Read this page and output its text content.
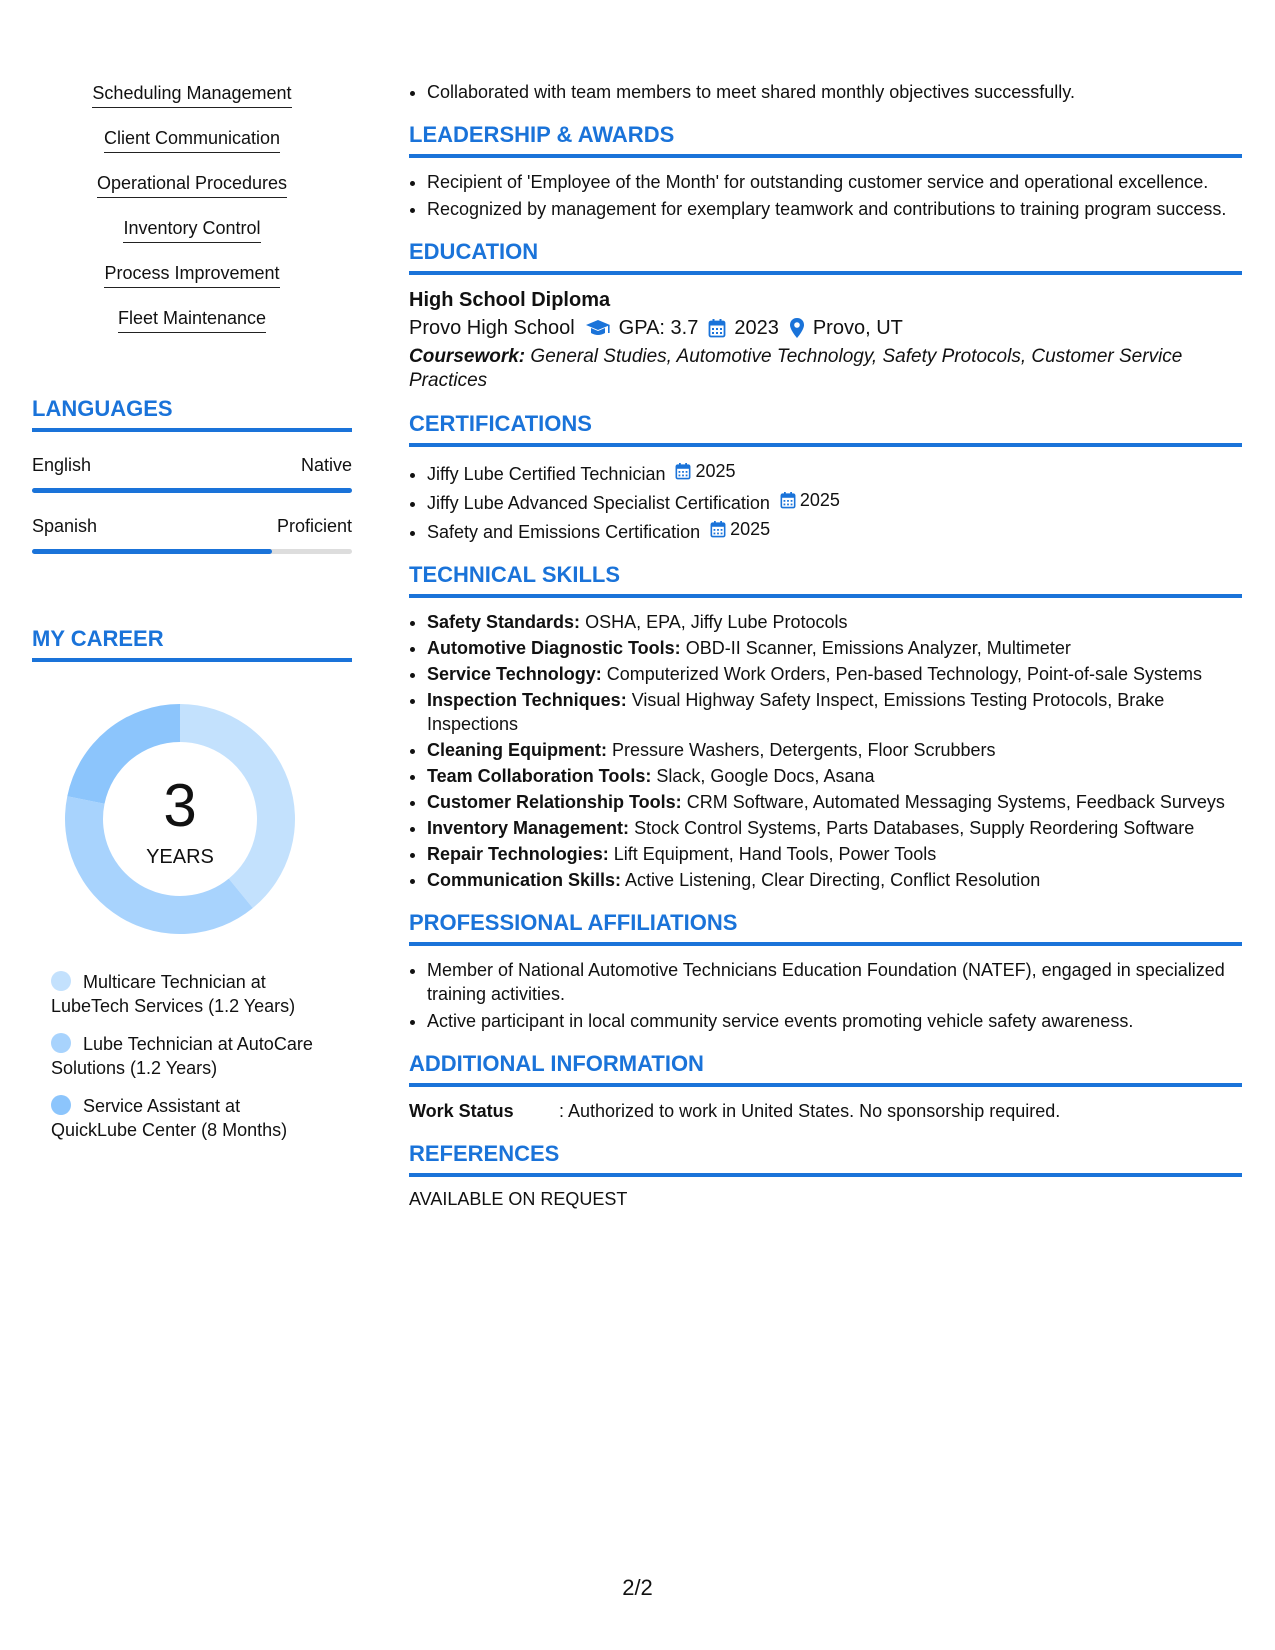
Scheduling Management
Client Communication
Operational Procedures
Inventory Control
Process Improvement
Fleet Maintenance
LANGUAGES
English	Native
Spanish	Proficient
MY CAREER
3
YEARS
Multicare Technician at LubeTech Services (1.2 Years)
Lube Technician at AutoCare Solutions (1.2 Years)
Service Assistant at QuickLube Center (8 Months)
• Collaborated with team members to meet shared monthly objectives successfully.
LEADERSHIP & AWARDS
• Recipient of 'Employee of the Month' for outstanding customer service and operational excellence.
• Recognized by management for exemplary teamwork and contributions to training program success.
EDUCATION
High School Diploma
Provo High School GPA: 3.7 2023 Provo, UT
Coursework: General Studies, Automotive Technology, Safety Protocols, Customer Service Practices
CERTIFICATIONS
• Jiffy Lube Certified Technician 2025
• Jiffy Lube Advanced Specialist Certification 2025
• Safety and Emissions Certification 2025
TECHNICAL SKILLS
• Safety Standards: OSHA, EPA, Jiffy Lube Protocols
• Automotive Diagnostic Tools: OBD-II Scanner, Emissions Analyzer, Multimeter
• Service Technology: Computerized Work Orders, Pen-based Technology, Point-of-sale Systems
• Inspection Techniques: Visual Highway Safety Inspect, Emissions Testing Protocols, Brake Inspections
• Cleaning Equipment: Pressure Washers, Detergents, Floor Scrubbers
• Team Collaboration Tools: Slack, Google Docs, Asana
• Customer Relationship Tools: CRM Software, Automated Messaging Systems, Feedback Surveys
• Inventory Management: Stock Control Systems, Parts Databases, Supply Reordering Software
• Repair Technologies: Lift Equipment, Hand Tools, Power Tools
• Communication Skills: Active Listening, Clear Directing, Conflict Resolution
PROFESSIONAL AFFILIATIONS
• Member of National Automotive Technicians Education Foundation (NATEF), engaged in specialized training activities.
• Active participant in local community service events promoting vehicle safety awareness.
ADDITIONAL INFORMATION
Work Status	: Authorized to work in United States. No sponsorship required.
REFERENCES
AVAILABLE ON REQUEST
2/2
